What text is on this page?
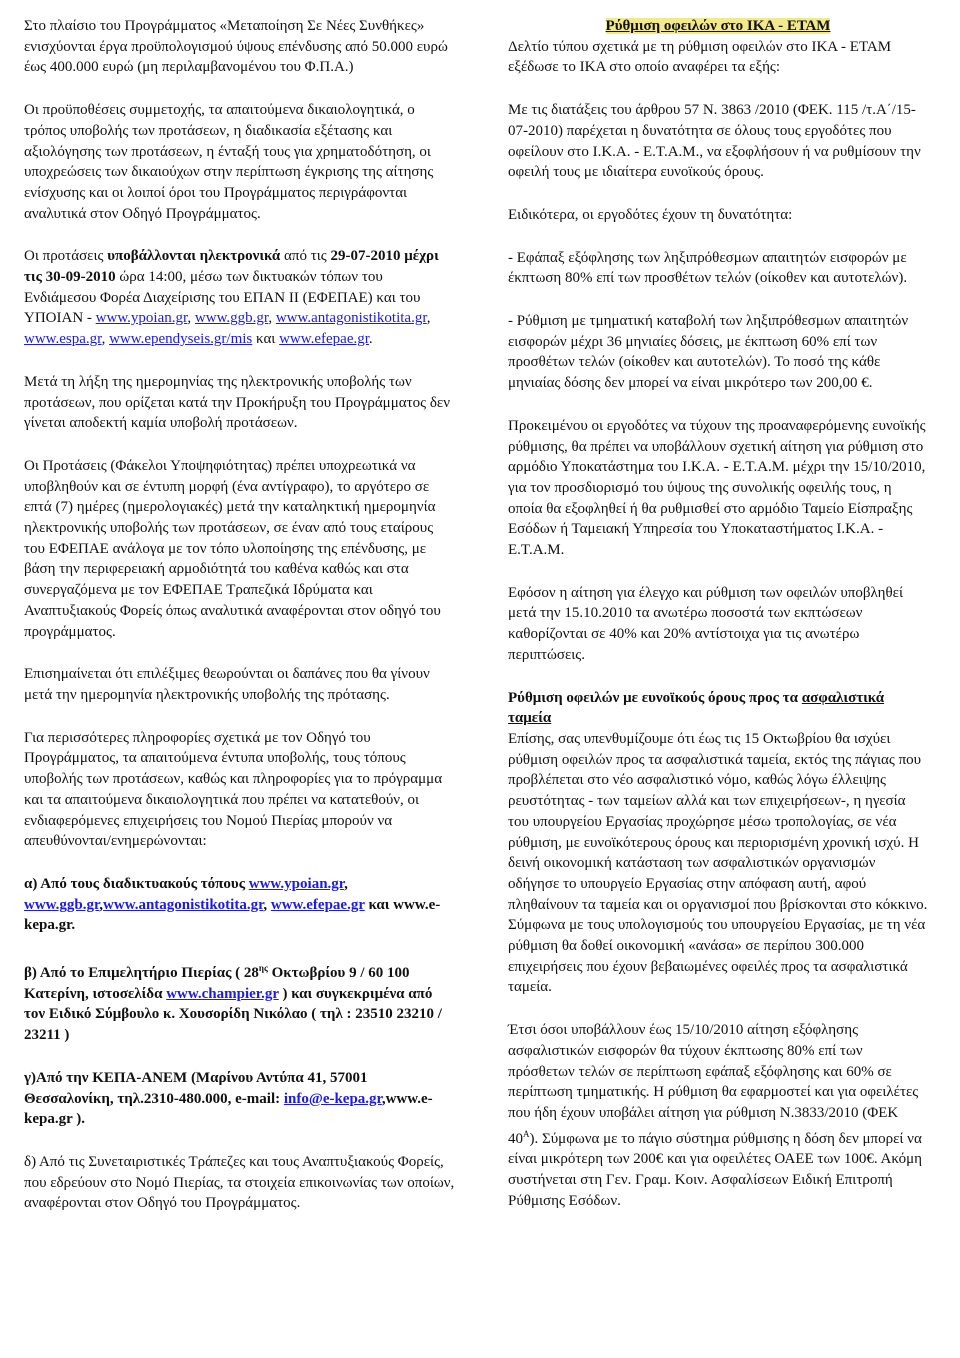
Στο πλαίσιο του Προγράμματος «Μεταποίηση Σε Νέες Συνθήκες» ενισχύονται έργα προϋπολογισμού ύψους επένδυσης από 50.000 ευρώ έως 400.000 ευρώ (μη περιλαμβανομένου του Φ.Π.Α.)

Οι προϋποθέσεις συμμετοχής, τα απαιτούμενα δικαιολογητικά, ο τρόπος υποβολής των προτάσεων, η διαδικασία εξέτασης και αξιολόγησης των προτάσεων, η ένταξή τους για χρηματοδότηση, οι υποχρεώσεις των δικαιούχων στην περίπτωση έγκρισης της αίτησης ενίσχυσης και οι λοιποί όροι του Προγράμματος περιγράφονται αναλυτικά στον Οδηγό Προγράμματος.

Οι προτάσεις υποβάλλονται ηλεκτρονικά από τις 29-07-2010 μέχρι τις 30-09-2010 ώρα 14:00, μέσω των δικτυακών τόπων του Ενδιάμεσου Φορέα Διαχείρισης του ΕΠΑΝ ΙΙ (ΕΦΕΠΑΕ) και του ΥΠΟΙΑΝ - www.ypoian.gr, www.ggb.gr, www.antagonistikotita.gr, www.espa.gr, www.ependyseis.gr/mis και www.efepae.gr.

Μετά τη λήξη της ημερομηνίας της ηλεκτρονικής υποβολής των προτάσεων, που ορίζεται κατά την Προκήρυξη του Προγράμματος δεν γίνεται αποδεκτή καμία υποβολή προτάσεων.

Οι Προτάσεις (Φάκελοι Υποψηφιότητας) πρέπει υποχρεωτικά να υποβληθούν και σε έντυπη μορφή (ένα αντίγραφο), το αργότερο σε επτά (7) ημέρες (ημερολογιακές) μετά την καταληκτική ημερομηνία ηλεκτρονικής υποβολής των προτάσεων, σε έναν από τους εταίρους του ΕΦΕΠΑΕ ανάλογα με τον τόπο υλοποίησης της επένδυσης, με βάση την περιφερειακή αρμοδιότητά του καθένα καθώς και στα συνεργαζόμενα με τον ΕΦΕΠΑΕ Τραπεζικά Ιδρύματα και Αναπτυξιακούς Φορείς όπως αναλυτικά αναφέρονται στον οδηγό του προγράμματος.

Επισημαίνεται ότι επιλέξιμες θεωρούνται οι δαπάνες που θα γίνουν μετά την ημερομηνία ηλεκτρονικής υποβολής της πρότασης.

Για περισσότερες πληροφορίες σχετικά με τον Οδηγό του Προγράμματος, τα απαιτούμενα έντυπα υποβολής, τους τόπους υποβολής των προτάσεων, καθώς και πληροφορίες για το πρόγραμμα και τα απαιτούμενα δικαιολογητικά που πρέπει να κατατεθούν, οι ενδιαφερόμενες επιχειρήσεις του Νομού Πιερίας μπορούν να απευθύνονται/ενημερώνονται:

α) Από τους διαδικτυακούς τόπους www.ypoian.gr, www.ggb.gr,www.antagonistikotita.gr, www.efepae.gr και www.e-kepa.gr.

β) Από το Επιμελητήριο Πιερίας ( $28^{\eta\varsigma}$ Οκτωβρίου 9 / 60 100 Κατερίνη, ιστοσελίδα www.champier.gr ) και συγκεκριμένα από τον Ειδικό Σύμβουλο κ. Χουσορίδη Νικόλαο ( τηλ : 23510 23210 / 23211 )

γ)Από την ΚΕΠΑ-ΑΝΕΜ (Μαρίνου Αντύπα 41, 57001 Θεσσαλονίκη, τηλ.2310-480.000, e-mail: info@e-kepa.gr,www.e-kepa.gr ).

δ) Από τις Συνεταιριστικές Τράπεζες και τους Αναπτυξιακούς Φορείς, που εδρεύουν στο Νομό Πιερίας, τα στοιχεία επικοινωνίας των οποίων, αναφέρονται στον Οδηγό του Προγράμματος.

Ρύθμιση οφειλών στο ΙΚΑ - ΕΤΑΜ

Δελτίο τύπου σχετικά με τη ρύθμιση οφειλών στο ΙΚΑ - ΕΤΑΜ εξέδωσε το ΙΚΑ στο οποίο αναφέρει τα εξής:

Με τις διατάξεις του άρθρου 57 Ν. 3863 /2010 (ΦΕΚ. 115 /τ.Α΄/15-07-2010) παρέχεται η δυνατότητα σε όλους τους εργοδότες που οφείλουν στο Ι.Κ.Α. - Ε.Τ.Α.Μ., να εξοφλήσουν ή να ρυθμίσουν την οφειλή τους με ιδιαίτερα ευνοϊκούς όρους.

Ειδικότερα, οι εργοδότες έχουν τη δυνατότητα:

- Εφάπαξ εξόφλησης των ληξιπρόθεσμων απαιτητών εισφορών με έκπτωση 80% επί των προσθέτων τελών (οίκοθεν και αυτοτελών).

- Ρύθμιση με τμηματική καταβολή των ληξιπρόθεσμων απαιτητών εισφορών μέχρι 36 μηνιαίες δόσεις, με έκπτωση 60% επί των προσθέτων τελών (οίκοθεν και αυτοτελών). Το ποσό της κάθε μηνιαίας δόσης δεν μπορεί να είναι μικρότερο των 200,00 €.

Προκειμένου οι εργοδότες να τύχουν της προαναφερόμενης ευνοϊκής ρύθμισης, θα πρέπει να υποβάλλουν σχετική αίτηση για ρύθμιση στο αρμόδιο Υποκατάστημα του Ι.Κ.Α. - Ε.Τ.Α.Μ. μέχρι την 15/10/2010, για τον προσδιορισμό του ύψους της συνολικής οφειλής τους, η οποία θα εξοφληθεί ή θα ρυθμισθεί στο αρμόδιο Ταμείο Είσπραξης Εσόδων ή Ταμειακή Υπηρεσία του Υποκαταστήματος Ι.Κ.Α. - Ε.Τ.Α.Μ.

Εφόσον η αίτηση για έλεγχο και ρύθμιση των οφειλών υποβληθεί μετά την 15.10.2010 τα ανωτέρω ποσοστά των εκπτώσεων καθορίζονται σε 40% και 20% αντίστοιχα για τις ανωτέρω περιπτώσεις.

Ρύθμιση οφειλών με ευνοϊκούς όρους προς τα ασφαλιστικά ταμεία

Επίσης, σας υπενθυμίζουμε ότι έως τις 15 Οκτωβρίου θα ισχύει ρύθμιση οφειλών προς τα ασφαλιστικά ταμεία, εκτός της πάγιας που προβλέπεται στο νέο ασφαλιστικό νόμο, καθώς λόγω έλλειψης ρευστότητας - των ταμείων αλλά και των επιχειρήσεων-, η ηγεσία του υπουργείου Εργασίας προχώρησε μέσω τροπολογίας, σε νέα ρύθμιση, με ευνοϊκότερους όρους και περιορισμένη χρονική ισχύ. Η δεινή οικονομική κατάσταση των ασφαλιστικών οργανισμών οδήγησε το υπουργείο Εργασίας στην απόφαση αυτή, αφού πληθαίνουν τα ταμεία και οι οργανισμοί που βρίσκονται στο κόκκινο. Σύμφωνα με τους υπολογισμούς του υπουργείου Εργασίας, με τη νέα ρύθμιση θα δοθεί οικονομική «ανάσα» σε περίπου 300.000 επιχειρήσεις που έχουν βεβαιωμένες οφειλές προς τα ασφαλιστικά ταμεία.

Έτσι όσοι υποβάλλουν έως 15/10/2010 αίτηση εξόφλησης ασφαλιστικών εισφορών θα τύχουν έκπτωσης 80% επί των πρόσθετων τελών σε περίπτωση εφάπαξ εξόφλησης και 60% σε περίπτωση τμηματικής. Η ρύθμιση θα εφαρμοστεί και για οφειλέτες που ήδη έχουν υποβάλει αίτηση για ρύθμιση Ν.3833/2010 (ΦΕΚ $40^A$). Σύμφωνα με το πάγιο σύστημα ρύθμισης η δόση δεν μπορεί να είναι μικρότερη των 200€ και για οφειλέτες ΟΑΕΕ των 100€. Ακόμη συστήνεται στη Γεν. Γραμ. Κοιν. Ασφαλίσεων Ειδική Επιτροπή Ρύθμισης Εσόδων.
